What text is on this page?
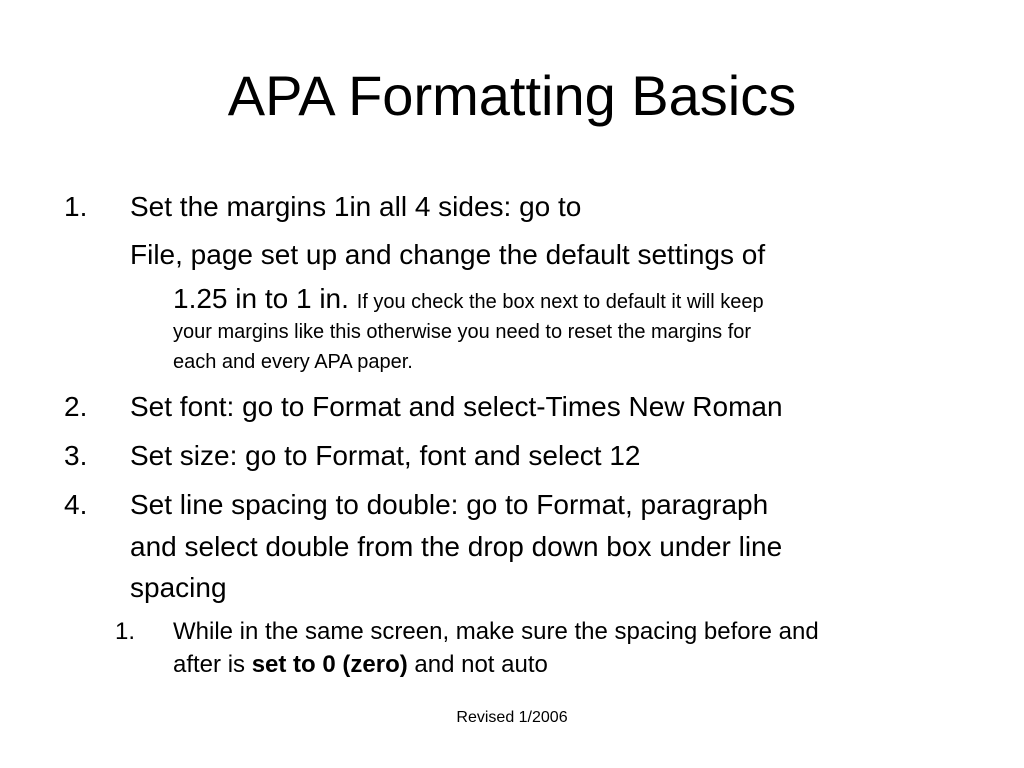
APA Formatting Basics
1. Set the margins 1in all 4 sides: go to
File, page set up and change the default settings of
1.25 in to 1 in. If you check the box next to default it will keep
your margins like this otherwise you need to reset the margins for
each and every APA paper.
2. Set font: go to Format and select-Times New Roman
3. Set size: go to Format, font and select 12
4. Set line spacing to double: go to Format, paragraph
and select double from the drop down box under line
spacing
1. While in the same screen, make sure the spacing before and
after is set to 0 (zero) and not auto
Revised 1/2006
